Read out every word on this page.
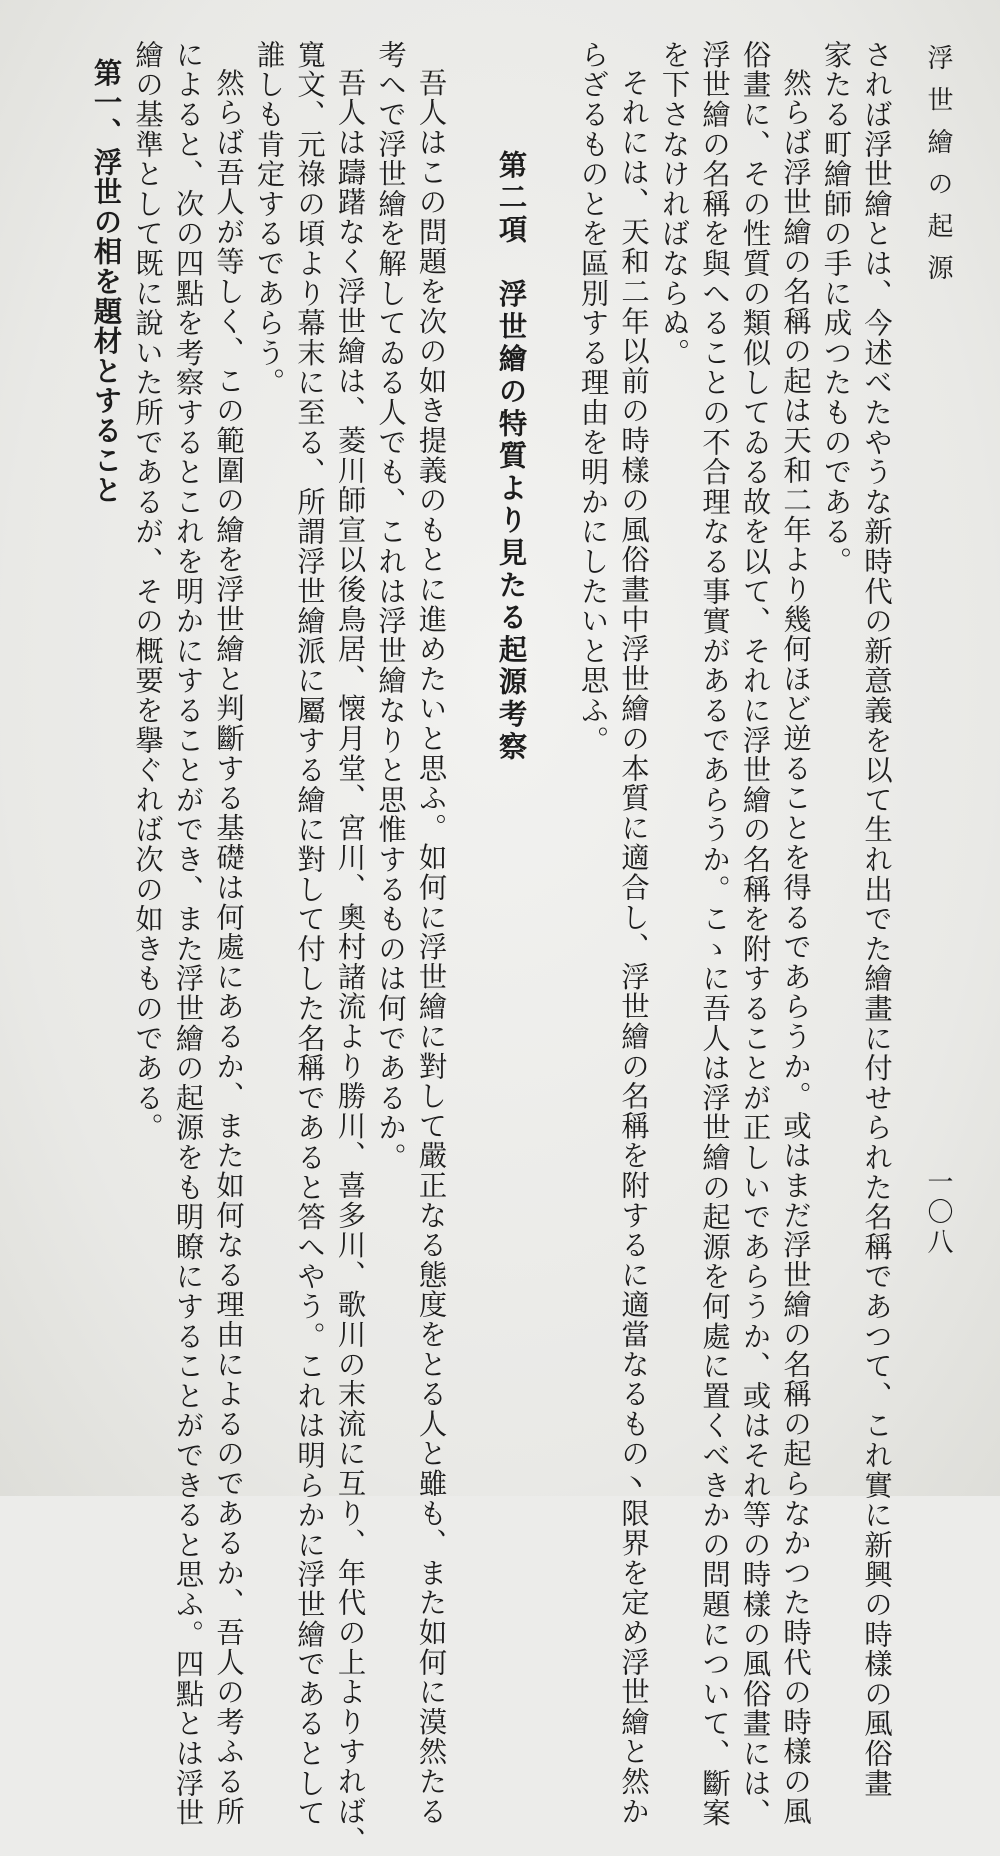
浮世繪の起源
一〇八

されば浮世繪とは、今述べたやうな新時代の新意義を以て生れ出でた繪畫に付せられた名稱であつて、これ實に新興の時樣の風俗畫

家たる町繪師の手に成つたものである。

然らば浮世繪の名稱の起は天和二年より幾何ほど逆ることを得るであらうか。或はまだ浮世繪の名稱の起らなかつた時代の時樣の風

俗畫に、その性質の類似してゐる故を以て、それに浮世繪の名稱を附することが正しいであらうか、或はそれ等の時樣の風俗畫には、

浮世繪の名稱を與へることの不合理なる事實があるであらうか。こゝに吾人は浮世繪の起源を何處に置くべきかの問題について、斷案

を下さなければならぬ。

それには、天和二年以前の時樣の風俗畫中浮世繪の本質に適合し、浮世繪の名稱を附するに適當なるもの丶限界を定め浮世繪と然か

らざるものとを區別する理由を明かにしたいと思ふ。

第二項　浮世繪の特質より見たる起源考察

吾人はこの問題を次の如き提義のもとに進めたいと思ふ。如何に浮世繪に對して嚴正なる態度をとる人と雖も、また如何に漠然たる

考へで浮世繪を解してゐる人でも、これは浮世繪なりと思惟するものは何であるか。

吾人は躊躇なく浮世繪は、菱川師宣以後鳥居、懐月堂、宮川、奧村諸流より勝川、喜多川、歌川の末流に互り、年代の上よりすれば、

寬文、元祿の頃より幕末に至る、所謂浮世繪派に屬する繪に對して付した名稱であると答へやう。これは明らかに浮世繪であるとして

誰しも肯定するであらう。

然らば吾人が等しく、この範圍の繪を浮世繪と判斷する基礎は何處にあるか、また如何なる理由によるのであるか、吾人の考ふる所

によると、次の四點を考察するとこれを明かにすることができ、また浮世繪の起源をも明瞭にすることができると思ふ。四點とは浮世

繪の基準として既に說いた所であるが、その概要を擧ぐれば次の如きものである。

第一、浮世の相を題材とすること
